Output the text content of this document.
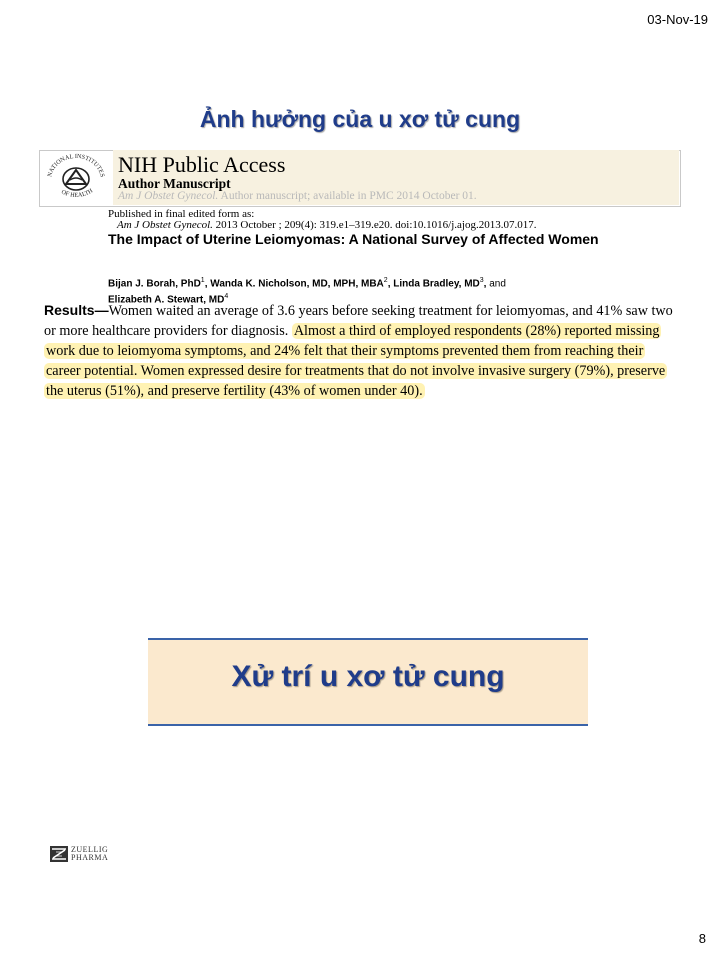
03-Nov-19
Ảnh hưởng của u xơ tử cung
NATIONAL INSTITUTES
OF HEALTH
NIH Public Access
Author Manuscript
Am J Obstet Gynecol. Author manuscript; available in PMC 2014 October 01.
Published in final edited form as:
Am J Obstet Gynecol. 2013 October ; 209(4): 319.e1–319.e20. doi:10.1016/j.ajog.2013.07.017.
The Impact of Uterine Leiomyomas: A National Survey of Affected Women
Bijan J. Borah, PhD$^1$, Wanda K. Nicholson, MD, MPH, MBA$^2$, Linda Bradley, $MD^3$, and
Elizabeth A. Stewart, $MD^4$
Results—Women waited an average of 3.6 years before seeking treatment for leiomyomas, and 41% saw two or more healthcare providers for diagnosis. Almost a third of employed respondents (28%) reported missing work due to leiomyoma symptoms, and 24% felt that their symptoms prevented them from reaching their career potential. Women expressed desire for treatments that do not involve invasive surgery (79%), preserve the uterus (51%), and preserve fertility (43% of women under 40).
Xử trí u xơ tử cung
ZUELLIG
PHARMA
8
